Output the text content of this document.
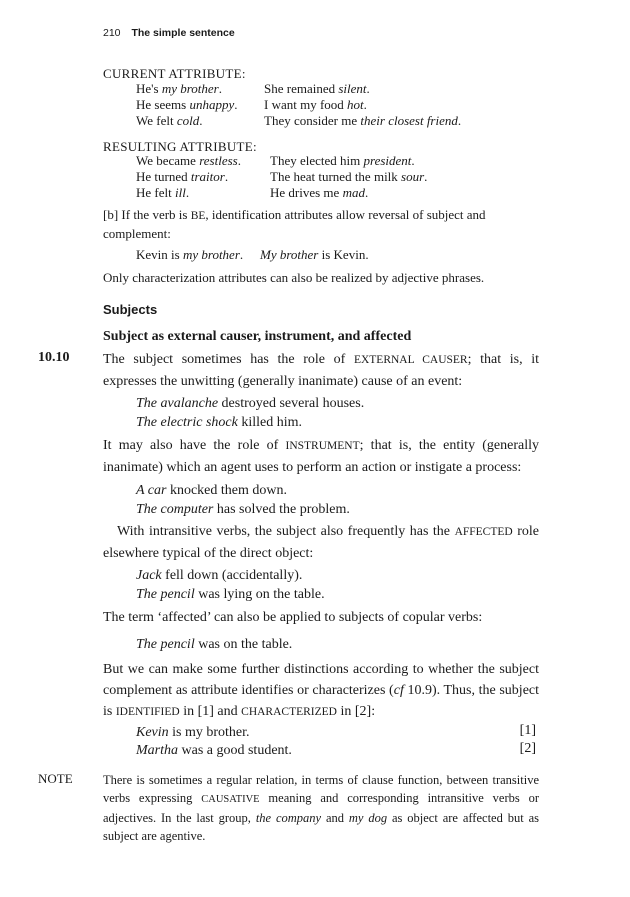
210 The simple sentence
CURRENT ATTRIBUTE:
He's my brother.
He seems unhappy.
We felt cold.
She remained silent.
I want my food hot.
They consider me their closest friend.
RESULTING ATTRIBUTE:
We became restless.
He turned traitor.
He felt ill.
They elected him president.
The heat turned the milk sour.
He drives me mad.
[b] If the verb is BE, identification attributes allow reversal of subject and
complement:
Kevin is my brother. My brother is Kevin.
Only characterization attributes can also be realized by adjective phrases.
Subjects
Subject as external causer, instrument, and affected
10.10 The subject sometimes has the role of EXTERNAL CAUSER; that is, it expresses the unwitting (generally inanimate) cause of an event:
The avalanche destroyed several houses.
The electric shock killed him.
It may also have the role of INSTRUMENT; that is, the entity (generally inanimate) which an agent uses to perform an action or instigate a process:
A car knocked them down.
The computer has solved the problem.
With intransitive verbs, the subject also frequently has the AFFECTED role elsewhere typical of the direct object:
Jack fell down (accidentally).
The pencil was lying on the table.
The term ‘affected’ can also be applied to subjects of copular verbs:
The pencil was on the table.
But we can make some further distinctions according to whether the subject complement as attribute identifies or characterizes (cf 10.9). Thus, the subject is IDENTIFIED in [1] and CHARACTERIZED in [2]:
Kevin is my brother.	[1]
Martha was a good student.	[2]
NOTE There is sometimes a regular relation, in terms of clause function, between transitive verbs expressing CAUSATIVE meaning and corresponding intransitive verbs or adjectives. In the last group, the company and my dog as object are affected but as subject are agentive.
